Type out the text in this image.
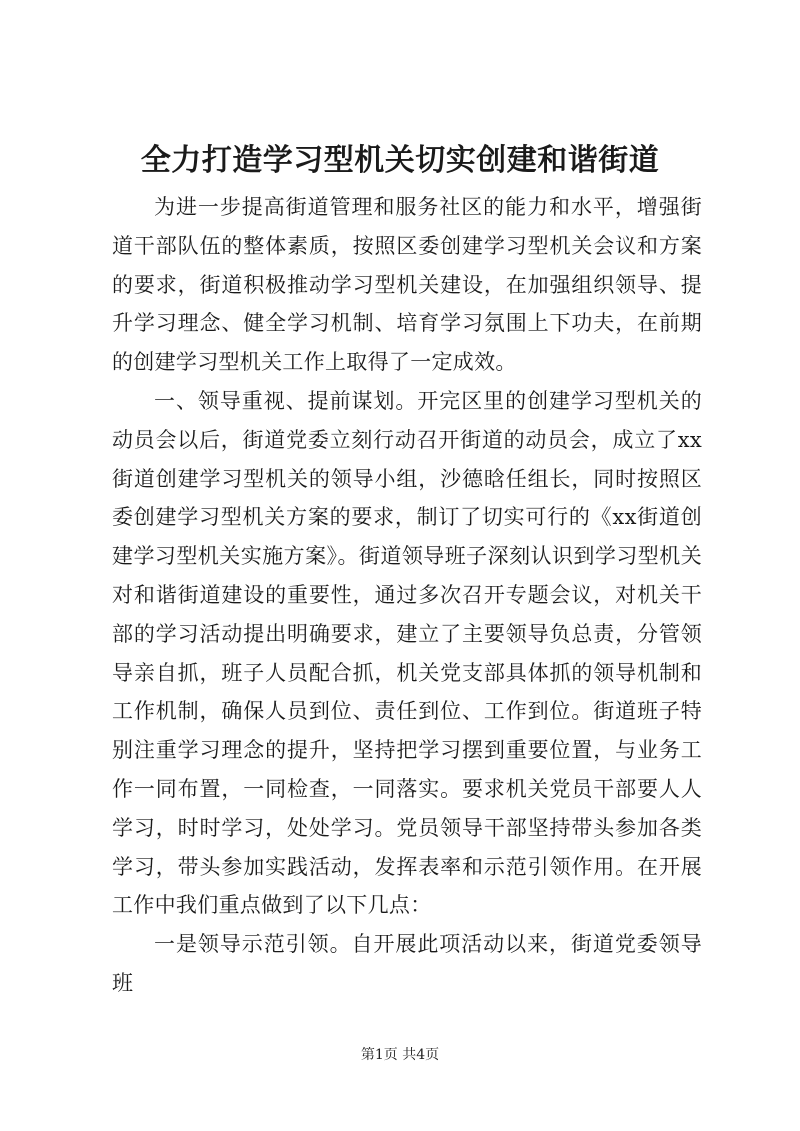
全力打造学习型机关切实创建和谐街道

为进一步提高街道管理和服务社区的能力和水平，增强街道干部队伍的整体素质，按照区委创建学习型机关会议和方案的要求，街道积极推动学习型机关建设，在加强组织领导、提升学习理念、健全学习机制、培育学习氛围上下功夫，在前期的创建学习型机关工作上取得了一定成效。

一、领导重视、提前谋划。开完区里的创建学习型机关的动员会以后，街道党委立刻行动召开街道的动员会，成立了xx街道创建学习型机关的领导小组，沙德晗任组长，同时按照区委创建学习型机关方案的要求，制订了切实可行的《xx街道创建学习型机关实施方案》。街道领导班子深刻认识到学习型机关对和谐街道建设的重要性，通过多次召开专题会议，对机关干部的学习活动提出明确要求，建立了主要领导负总责，分管领导亲自抓，班子人员配合抓，机关党支部具体抓的领导机制和工作机制，确保人员到位、责任到位、工作到位。街道班子特别注重学习理念的提升，坚持把学习摆到重要位置，与业务工作一同布置，一同检查，一同落实。要求机关党员干部要人人学习，时时学习，处处学习。党员领导干部坚持带头参加各类学习，带头参加实践活动，发挥表率和示范引领作用。在开展工作中我们重点做到了以下几点：

一是领导示范引领。自开展此项活动以来，街道党委领导班

第1页 共4页
